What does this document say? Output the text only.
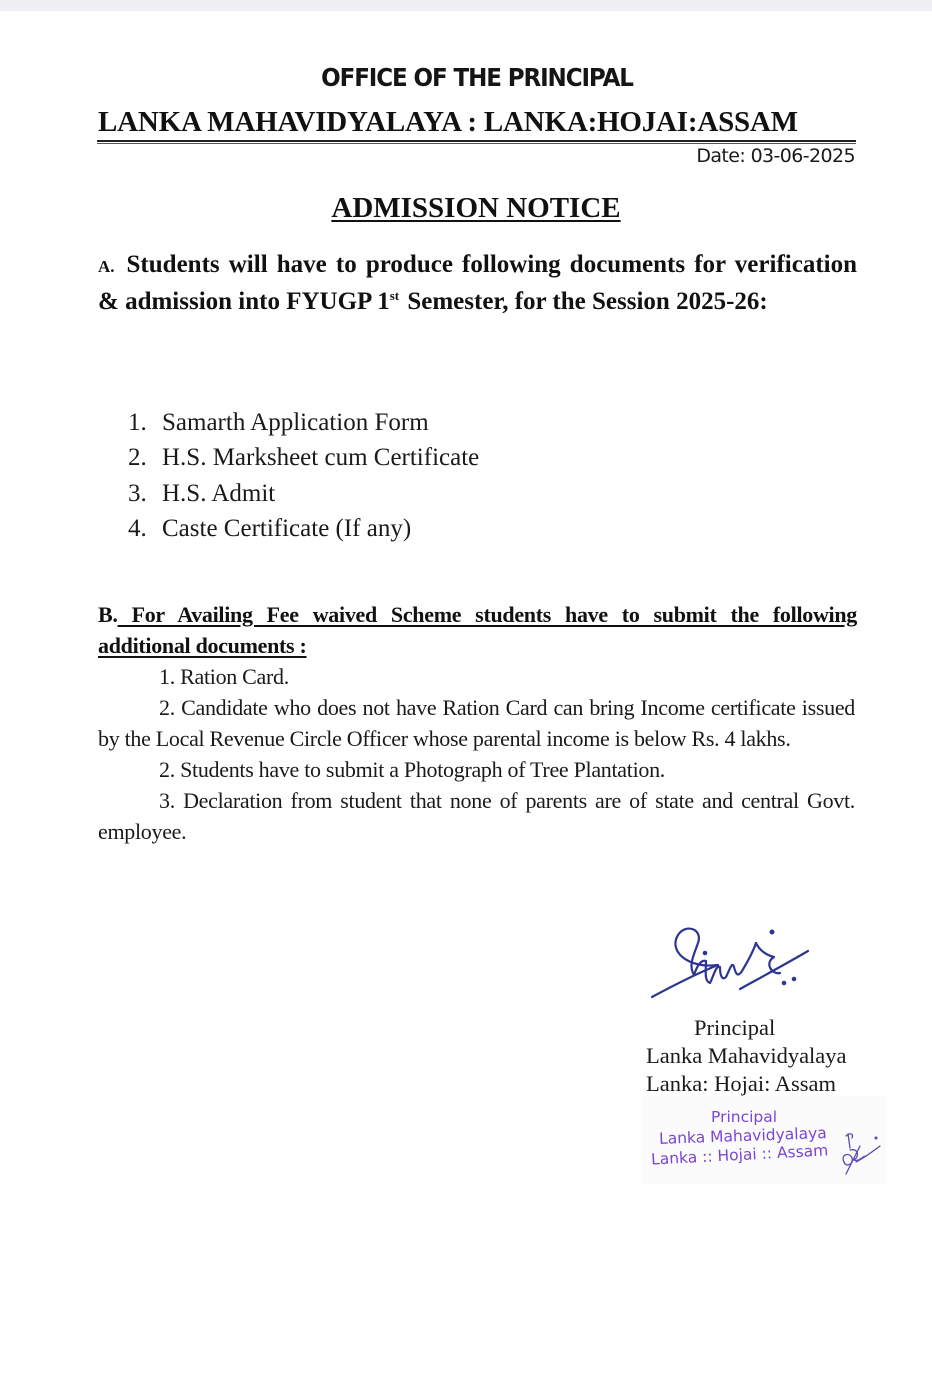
OFFICE OF THE PRINCIPAL
LANKA MAHAVIDYALAYA : LANKA:HOJAI:ASSAM
Date: 03-06-2025
ADMISSION NOTICE
A. Students will have to produce following documents for verification & admission into FYUGP 1st Semester, for the Session 2025-26:
1. Samarth Application Form
2. H.S. Marksheet cum Certificate
3. H.S. Admit
4. Caste Certificate (If any)
B. For Availing Fee waived Scheme students have to submit the following additional documents :

1. Ration Card.

2. Candidate who does not have Ration Card can bring Income certificate issued by the Local Revenue Circle Officer whose parental income is below Rs. 4 lakhs.

2. Students have to submit a Photograph of Tree Plantation.

3. Declaration from student that none of parents are of state and central Govt. employee.

Principal
Lanka Mahavidyalaya
Lanka: Hojai: Assam
Principal
Lanka Mahavidyalaya
Lanka :: Hojai :: Assam
